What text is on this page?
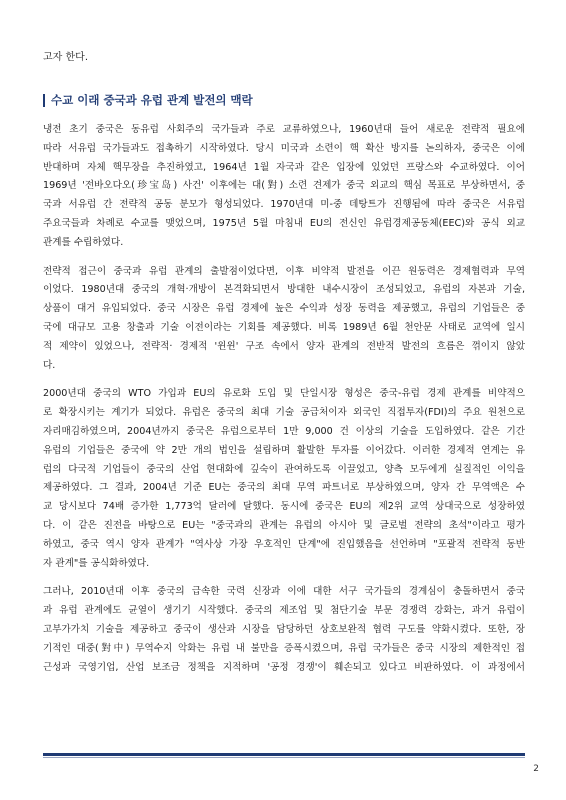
고자 한다.
수교 이래 중국과 유럽 관계 발전의 맥락
냉전 초기 중국은 동유럽 사회주의 국가들과 주로 교류하였으나, 1960년대 들어 새로운 전략적 필요에
따라 서유럽 국가들과도 접촉하기 시작하였다. 당시 미국과 소련이 핵 확산 방지를 논의하자, 중국은 이에
반대하며 자체 핵무장을 추진하였고, 1964년 1월 자국과 같은 입장에 있었던 프랑스와 수교하였다. 이어
1969년 '전바오다오(珍宝岛) 사건' 이후에는 대(對) 소련 견제가 중국 외교의 핵심 목표로 부상하면서, 중
국과 서유럽 간 전략적 공동 분모가 형성되었다. 1970년대 미-중 데탕트가 진행됨에 따라 중국은 서유럽
주요국들과 차례로 수교를 맺었으며, 1975년 5월 마침내 EU의 전신인 유럽경제공동체(EEC)와 공식 외교
관계를 수립하였다.
전략적 접근이 중국과 유럽 관계의 출발점이었다면, 이후 비약적 발전을 이끈 원동력은 경제협력과 무역
이었다. 1980년대 중국의 개혁·개방이 본격화되면서 방대한 내수시장이 조성되었고, 유럽의 자본과 기술,
상품이 대거 유입되었다. 중국 시장은 유럽 경제에 높은 수익과 성장 동력을 제공했고, 유럽의 기업들은 중
국에 대규모 고용 창출과 기술 이전이라는 기회를 제공했다. 비록 1989년 6월 천안문 사태로 교역에 일시
적 제약이 있었으나, 전략적· 경제적 '윈윈' 구조 속에서 양자 관계의 전반적 발전의 흐름은 꺾이지 않았
다.
2000년대 중국의 WTO 가입과 EU의 유로화 도입 및 단일시장 형성은 중국-유럽 경제 관계를 비약적으
로 확장시키는 계기가 되었다. 유럽은 중국의 최대 기술 공급처이자 외국인 직접투자(FDI)의 주요 원천으로
자리매김하였으며, 2004년까지 중국은 유럽으로부터 1만 9,000 건 이상의 기술을 도입하였다. 같은 기간
유럽의 기업들은 중국에 약 2만 개의 법인을 설립하며 활발한 투자를 이어갔다. 이러한 경제적 연계는 유
럽의 다국적 기업들이 중국의 산업 현대화에 깊숙이 관여하도록 이끌었고, 양측 모두에게 실질적인 이익을
제공하였다. 그 결과, 2004년 기준 EU는 중국의 최대 무역 파트너로 부상하였으며, 양자 간 무역액은 수
교 당시보다 74배 증가한 1,773억 달러에 달했다. 동시에 중국은 EU의 제2위 교역 상대국으로 성장하였
다. 이 같은 진전을 바탕으로 EU는 "중국과의 관계는 유럽의 아시아 및 글로벌 전략의 초석"이라고 평가
하였고, 중국 역시 양자 관계가 "역사상 가장 우호적인 단계"에 진입했음을 선언하며 "포괄적 전략적 동반
자 관계"를 공식화하였다.
그러나, 2010년대 이후 중국의 급속한 국력 신장과 이에 대한 서구 국가들의 경계심이 충돌하면서 중국
과 유럽 관계에도 균열이 생기기 시작했다. 중국의 제조업 및 첨단기술 부문 경쟁력 강화는, 과거 유럽이
고부가가치 기술을 제공하고 중국이 생산과 시장을 담당하던 상호보완적 협력 구도를 약화시켰다. 또한, 장
기적인 대중(對中) 무역수지 악화는 유럽 내 불만을 증폭시켰으며, 유럽 국가들은 중국 시장의 제한적인 접
근성과 국영기업, 산업 보조금 정책을 지적하며 '공정 경쟁'이 훼손되고 있다고 비판하였다. 이 과정에서
2
